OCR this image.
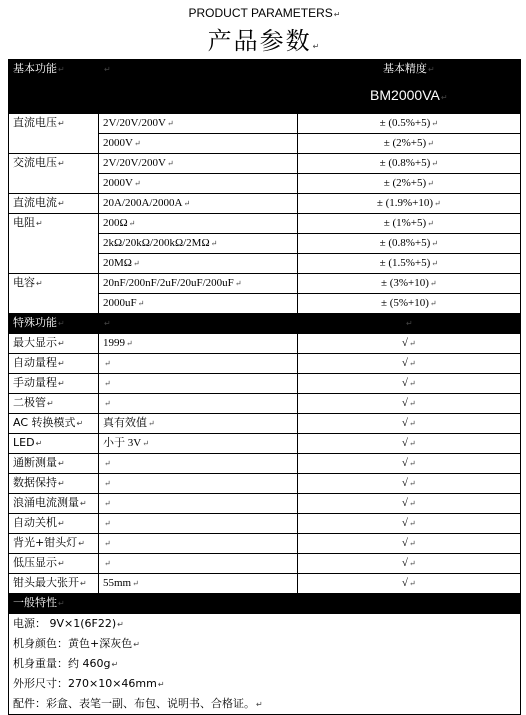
PRODUCT PARAMETERS↵
产品参数↵
基本功能↵	↵	基本精度↵
		BM2000VA↵
直流电压↵	2V/20V/200V↵	± (0.5%+5)↵
	2000V↵	± (2%+5)↵
交流电压↵	2V/20V/200V↵	± (0.8%+5)↵
	2000V↵	± (2%+5)↵
直流电流↵	20A/200A/2000A↵	± (1.9%+10)↵
电阻↵	200Ω↵	± (1%+5)↵
	2kΩ/20kΩ/200kΩ/2MΩ↵	± (0.8%+5)↵
	20MΩ↵	± (1.5%+5)↵
电容↵	20nF/200nF/2uF/20uF/200uF↵	± (3%+10)↵
	2000uF↵	± (5%+10)↵
特殊功能↵	↵	↵
最大显示↵	1999↵	√↵
自动量程↵	↵	√↵
手动量程↵	↵	√↵
二极管↵	↵	√↵
AC 转换模式↵	真有效值↵	√↵
LED↵	小于 3V↵	√↵
通断测量↵	↵	√↵
数据保持↵	↵	√↵
浪涌电流测量↵	↵	√↵
自动关机↵	↵	√↵
背光+钳头灯↵	↵	√↵
低压显示↵	↵	√↵
钳头最大张开↵	55mm↵	√↵
一般特性↵		

电源： 9V×1(6F22)↵
机身颜色：黄色+深灰色↵
机身重量：约 460g↵
外形尺寸：270×10×46mm↵
配件：彩盒、表笔一副、布包、说明书、合格证。↵		
